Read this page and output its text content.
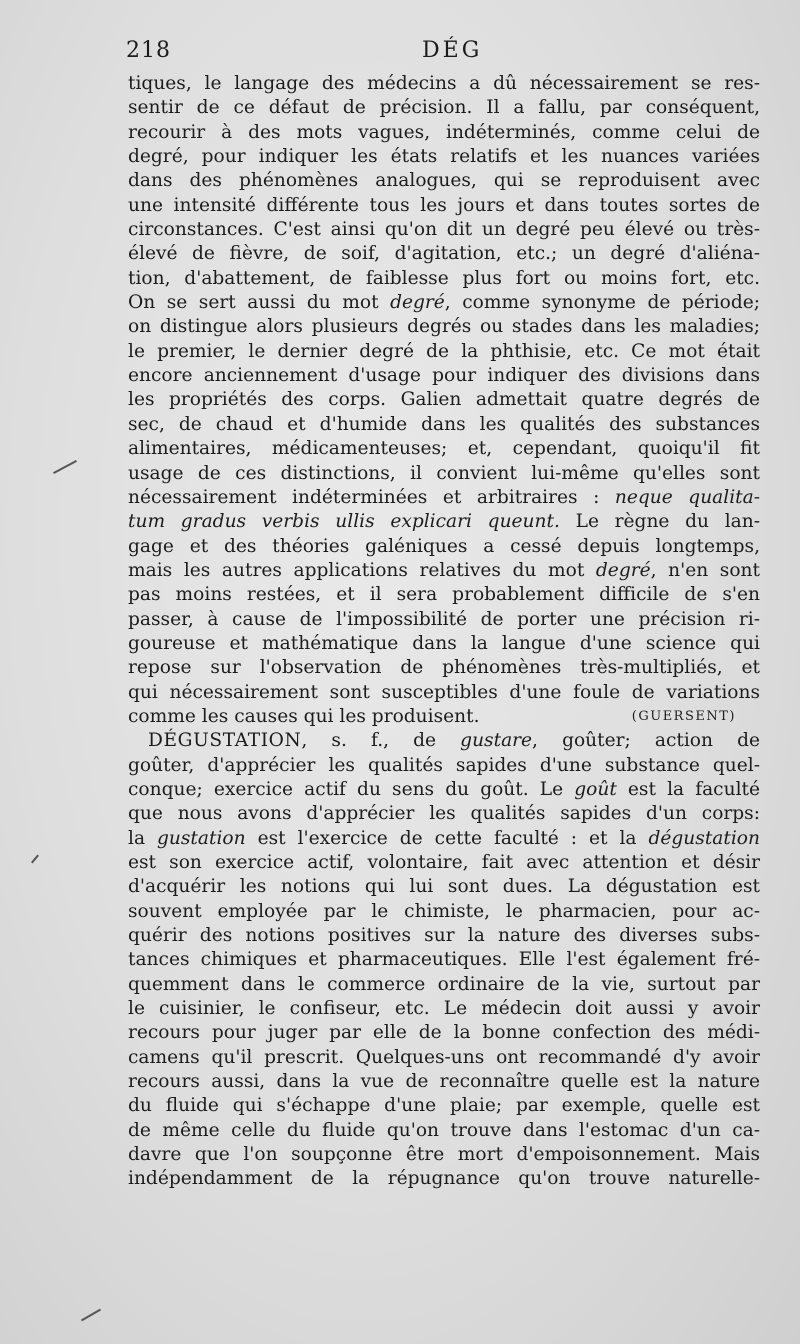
218	DÉG
tiques, le langage des médecins a dû nécessairement se res-
sentir de ce défaut de précision. Il a fallu, par conséquent,
recourir à des mots vagues, indéterminés, comme celui de
degré, pour indiquer les états relatifs et les nuances variées
dans des phénomènes analogues, qui se reproduisent avec
une intensité différente tous les jours et dans toutes sortes de
circonstances. C'est ainsi qu'on dit un degré peu élevé ou très-
élevé de fièvre, de soif, d'agitation, etc.; un degré d'aliéna-
tion, d'abattement, de faiblesse plus fort ou moins fort, etc.
On se sert aussi du mot degré, comme synonyme de période;
on distingue alors plusieurs degrés ou stades dans les maladies;
le premier, le dernier degré de la phthisie, etc. Ce mot était
encore anciennement d'usage pour indiquer des divisions dans
les propriétés des corps. Galien admettait quatre degrés de
sec, de chaud et d'humide dans les qualités des substances
alimentaires, médicamenteuses; et, cependant, quoiqu'il fit
usage de ces distinctions, il convient lui-même qu'elles sont
nécessairement indéterminées et arbitraires : neque qualita-
tum gradus verbis ullis explicari queunt. Le règne du lan-
gage et des théories galéniques a cessé depuis longtemps,
mais les autres applications relatives du mot degré, n'en sont
pas moins restées, et il sera probablement difficile de s'en
passer, à cause de l'impossibilité de porter une précision ri-
goureuse et mathématique dans la langue d'une science qui
repose sur l'observation de phénomènes très-multipliés, et
qui nécessairement sont susceptibles d'une foule de variations
comme les causes qui les produisent.	(GUERSENT)
DÉGUSTATION, s. f., de gustare, goûter; action de
goûter, d'apprécier les qualités sapides d'une substance quel-
conque; exercice actif du sens du goût. Le goût est la faculté
que nous avons d'apprécier les qualités sapides d'un corps:
la gustation est l'exercice de cette faculté : et la dégustation
est son exercice actif, volontaire, fait avec attention et désir
d'acquérir les notions qui lui sont dues. La dégustation est
souvent employée par le chimiste, le pharmacien, pour ac-
quérir des notions positives sur la nature des diverses subs-
tances chimiques et pharmaceutiques. Elle l'est également fré-
quemment dans le commerce ordinaire de la vie, surtout par
le cuisinier, le confiseur, etc. Le médecin doit aussi y avoir
recours pour juger par elle de la bonne confection des médi-
camens qu'il prescrit. Quelques-uns ont recommandé d'y avoir
recours aussi, dans la vue de reconnaître quelle est la nature
du fluide qui s'échappe d'une plaie; par exemple, quelle est
de même celle du fluide qu'on trouve dans l'estomac d'un ca-
davre que l'on soupçonne être mort d'empoisonnement. Mais
indépendamment de la répugnance qu'on trouve naturelle-
